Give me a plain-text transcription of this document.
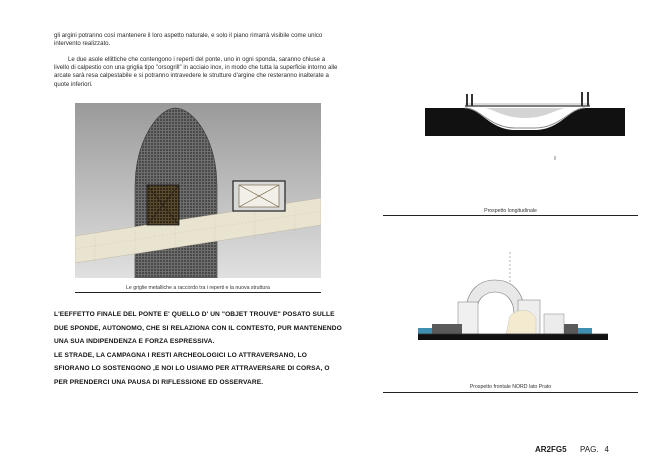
gli argini potranno così mantenere il loro aspetto naturale, e solo il piano rimarrà visibile come unico intervento realizzato.
Le due asole ellittiche che contengono i reperti del ponte, uno in ogni sponda, saranno chiuse a livello di calpestio con una griglia tipo "orsogrill" in acciaio inox, in modo che tutta la superficie intorno alle arcate sarà resa calpestabile e si potranno intravedere le strutture d'argine che resteranno inalterate a quote inferiori.
Le griglie metalliche a raccordo tra i reperti e la nuova struttura
L'EEFFETTO FINALE DEL PONTE E' QUELLO D' UN "OBJET TROUVE" POSATO SULLE DUE SPONDE, AUTONOMO, CHE SI RELAZIONA CON IL CONTESTO, PUR MANTENENDO UNA SUA INDIPENDENZA E FORZA ESPRESSIVA.
LE STRADE, LA CAMPAGNA I RESTI ARCHEOLOGICI LO ATTRAVERSANO, LO SFIORANO LO SOSTENGONO ,E NOI LO USIAMO PER ATTRAVERSARE DI CORSA, O PER PRENDERCI UNA PAUSA DI RIFLESSIONE ED OSSERVARE.
Prospetto longitudinale
Prospetto frontale NORD lato Prato
AR2FG5 PAG. 4
